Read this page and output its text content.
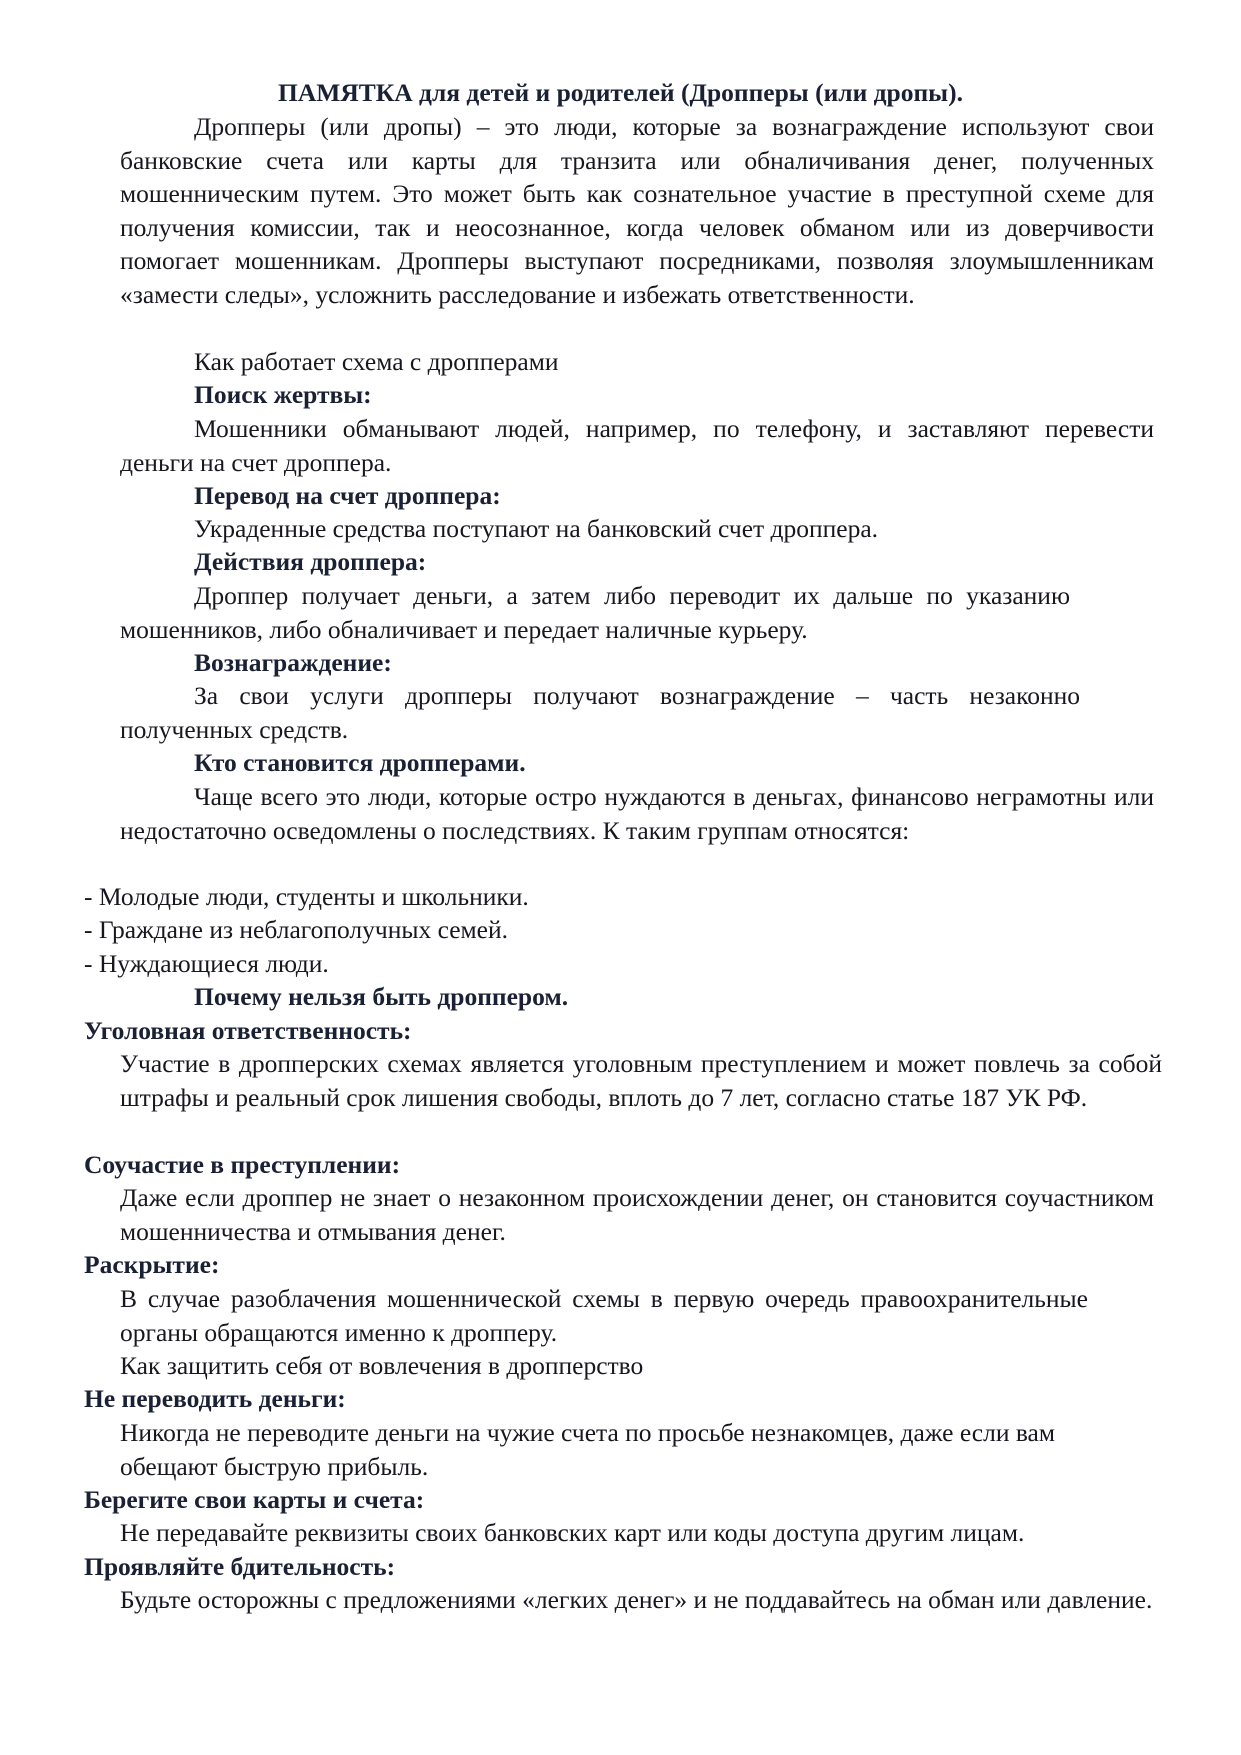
ПАМЯТКА для детей и родителей (Дропперы (или дропы).
Дропперы (или дропы) – это люди, которые за вознаграждение используют свои банковские счета или карты для транзита или обналичивания денег, полученных мошенническим путем. Это может быть как сознательное участие в преступной схеме для получения комиссии, так и неосознанное, когда человек обманом или из доверчивости помогает мошенникам. Дропперы выступают посредниками, позволяя злоумышленникам «замести следы», усложнить расследование и избежать ответственности.
Как работает схема с дропперами
Поиск жертвы:
Мошенники обманывают людей, например, по телефону, и заставляют перевести деньги на счет дроппера.
Перевод на счет дроппера:
Украденные средства поступают на банковский счет дроппера.
Действия дроппера:
Дроппер получает деньги, а затем либо переводит их дальше по указанию мошенников, либо обналичивает и передает наличные курьеру.
Вознаграждение:
За свои услуги дропперы получают вознаграждение – часть незаконно полученных средств.
Кто становится дропперами.
Чаще всего это люди, которые остро нуждаются в деньгах, финансово неграмотны или недостаточно осведомлены о последствиях. К таким группам относятся:
- Молодые люди, студенты и школьники.
- Граждане из неблагополучных семей.
- Нуждающиеся люди.
Почему нельзя быть дроппером.
Уголовная ответственность:
Участие в дропперских схемах является уголовным преступлением и может повлечь за собой штрафы и реальный срок лишения свободы, вплоть до 7 лет, согласно статье 187 УК РФ.
Соучастие в преступлении:
Даже если дроппер не знает о незаконном происхождении денег, он становится соучастником мошенничества и отмывания денег.
Раскрытие:
В случае разоблачения мошеннической схемы в первую очередь правоохранительные органы обращаются именно к дропперу.
Как защитить себя от вовлечения в дропперство
Не переводить деньги:
Никогда не переводите деньги на чужие счета по просьбе незнакомцев, даже если вам обещают быструю прибыль.
Берегите свои карты и счета:
Не передавайте реквизиты своих банковских карт или коды доступа другим лицам.
Проявляйте бдительность:
Будьте осторожны с предложениями «легких денег» и не поддавайтесь на обман или давление.
